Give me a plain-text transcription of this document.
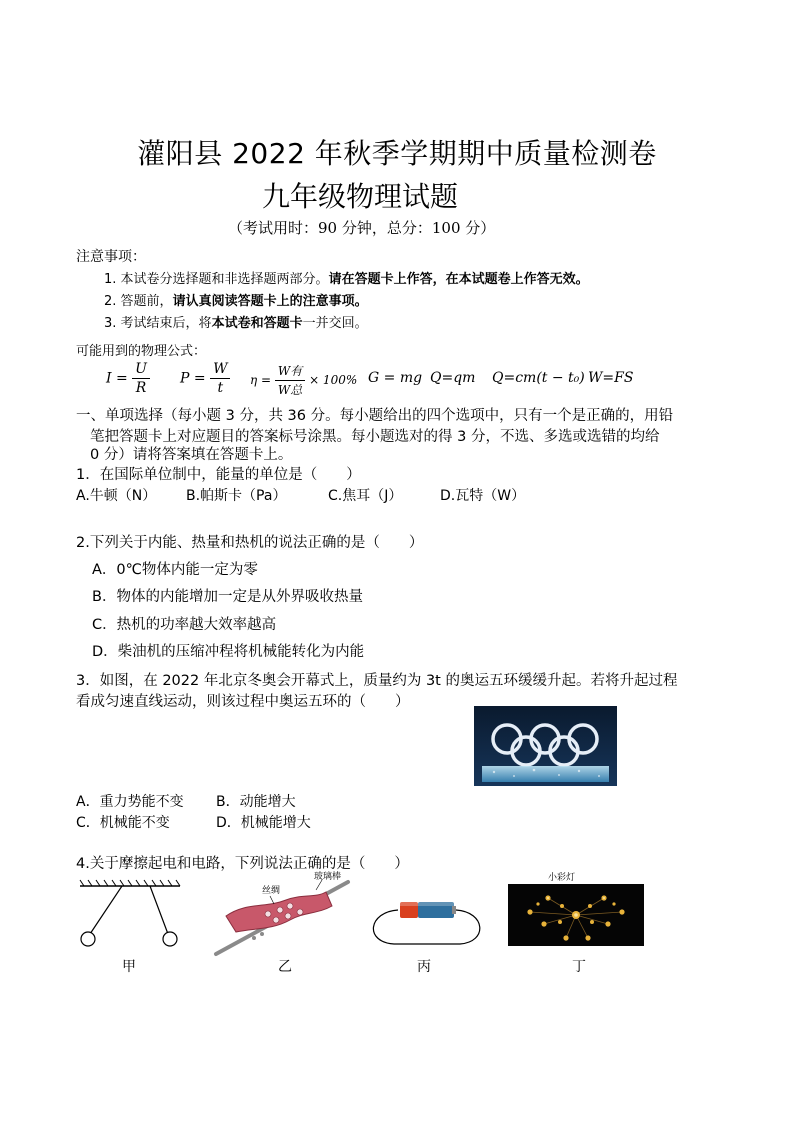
灌阳县 2022 年秋季学期期中质量检测卷
九年级物理试题
（考试用时：90 分钟，总分：100 分）
注意事项：
1. 本试卷分选择题和非选择题两部分。请在答题卡上作答，在本试题卷上作答无效。
2. 答题前，请认真阅读答题卡上的注意事项。
3. 考试结束后，将本试卷和答题卡一并交回。
可能用到的物理公式：
$I = \frac{U}{R}$ $P = \frac{W}{t}$ $\eta = \frac{\text{W有}}{\text{W总}} \times 100\%$ G = mg Q=qm Q=cm(t − t₀) W=FS
一、单项选择（每小题 3 分，共 36 分。每小题给出的四个选项中，只有一个是正确的，用铅
笔把答题卡上对应题目的答案标号涂黑。每小题选对的得 3 分，不选、多选或选错的均给
0 分）请将答案填在答题卡上。
1．在国际单位制中，能量的单位是（　　）
A.牛顿（N） B.帕斯卡（Pa）	C.焦耳（J）	D.瓦特（W）
2.下列关于内能、热量和热机的说法正确的是（　　）
A．0℃物体内能一定为零
B．物体的内能增加一定是从外界吸收热量
C．热机的功率越大效率越高
D．柴油机的压缩冲程将机械能转化为内能
3．如图，在 2022 年北京冬奥会开幕式上，质量约为 3t 的奥运五环缓缓升起。若将升起过程
看成匀速直线运动，则该过程中奥运五环的（　　）
A．重力势能不变 B．动能增大
C．机械能不变	D．机械能增大
4.关于摩擦起电和电路，下列说法正确的是（　　）
甲
丝绸
玻璃棒
乙	丙
小彩灯
丁
